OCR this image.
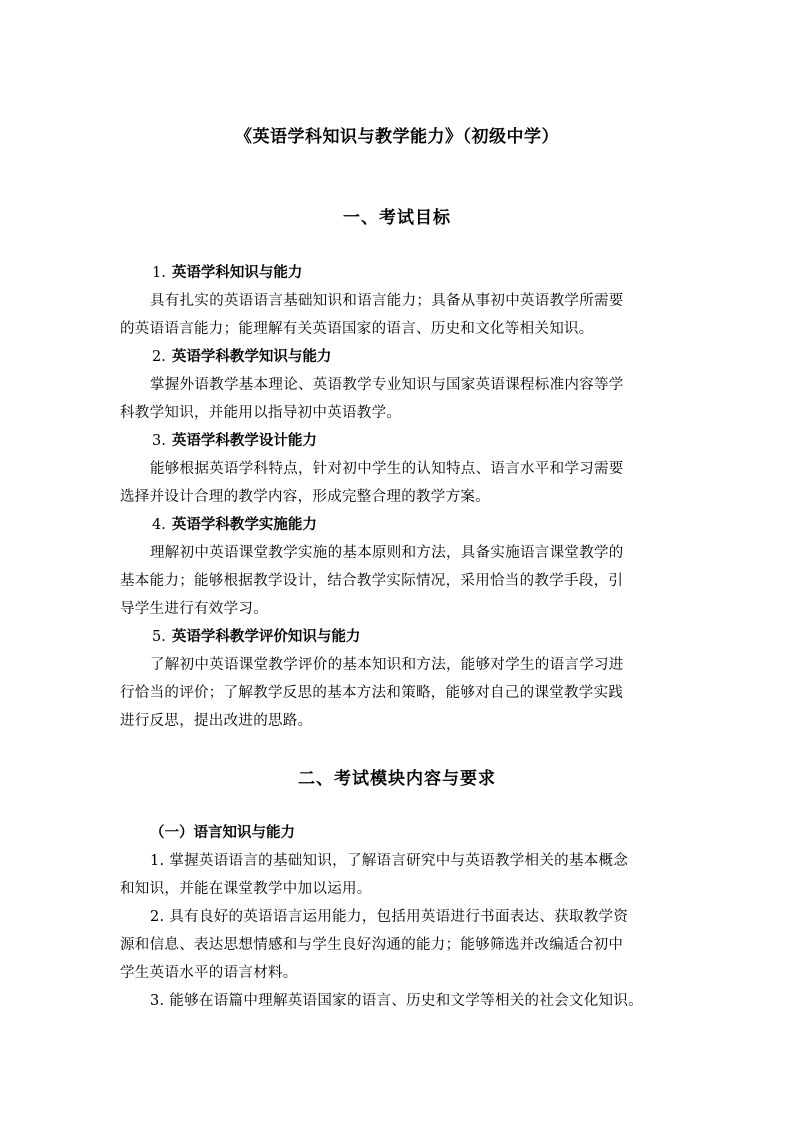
《英语学科知识与教学能力》（初级中学）
一、考试目标
1. 英语学科知识与能力
具有扎实的英语语言基础知识和语言能力；具备从事初中英语教学所需要
的英语语言能力；能理解有关英语国家的语言、历史和文化等相关知识。
2. 英语学科教学知识与能力
掌握外语教学基本理论、英语教学专业知识与国家英语课程标准内容等学
科教学知识，并能用以指导初中英语教学。
3. 英语学科教学设计能力
能够根据英语学科特点，针对初中学生的认知特点、语言水平和学习需要
选择并设计合理的教学内容，形成完整合理的教学方案。
4. 英语学科教学实施能力
理解初中英语课堂教学实施的基本原则和方法，具备实施语言课堂教学的
基本能力；能够根据教学设计，结合教学实际情况，采用恰当的教学手段，引
导学生进行有效学习。
5. 英语学科教学评价知识与能力
了解初中英语课堂教学评价的基本知识和方法，能够对学生的语言学习进
行恰当的评价；了解教学反思的基本方法和策略，能够对自己的课堂教学实践
进行反思，提出改进的思路。
二、考试模块内容与要求
（一）语言知识与能力
1. 掌握英语语言的基础知识，了解语言研究中与英语教学相关的基本概念
和知识，并能在课堂教学中加以运用。
2. 具有良好的英语语言运用能力，包括用英语进行书面表达、获取教学资
源和信息、表达思想情感和与学生良好沟通的能力；能够筛选并改编适合初中
学生英语水平的语言材料。
3. 能够在语篇中理解英语国家的语言、历史和文学等相关的社会文化知识。
